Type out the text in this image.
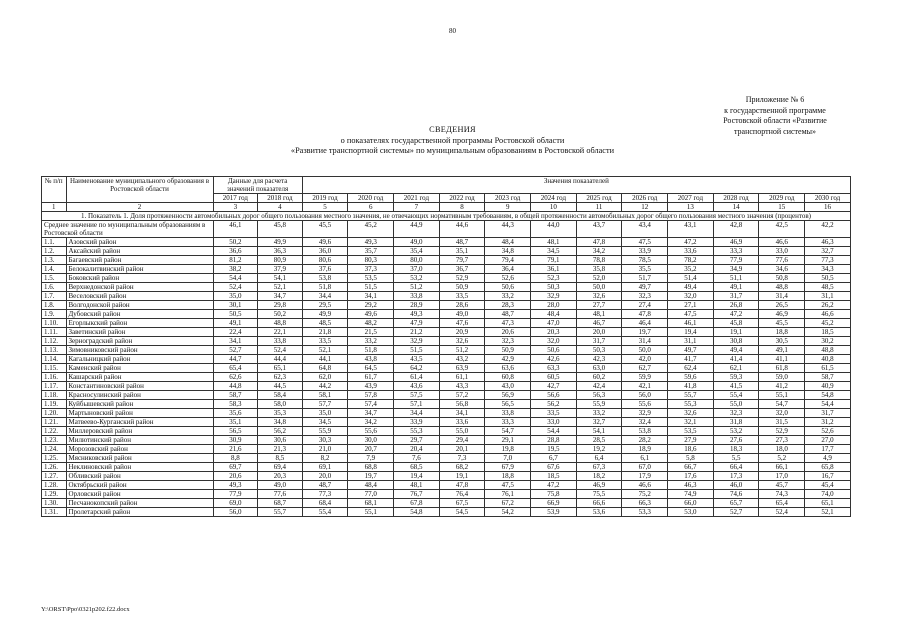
80
Приложение № 6
к государственной программе
Ростовской области «Развитие
транспортной системы»
СВЕДЕНИЯ
о показателях государственной программы Ростовской области
«Развитие транспортной системы» по муниципальным образованиям в Ростовской области
№ п/п	Наименование муниципального образования в Ростовской области	Данные для расчета значений показателя		Значения показателей											
		2017 год	2018 год	2019 год	2020 год	2021 год	2022 год	2023 год	2024 год	2025 год	2026 год	2027 год	2028 год	2029 год	2030 год
1	2	3	4	5	6	7	8	9	10	11	12	13	14	15	16
1. Показатель 1. Доля протяженности автомобильных дорог общего пользования местного значения, не отвечающих нормативным требованиям, в общей протяженности автомобильных дорог общего пользования местного значения (процентов)															
Среднее значение по муниципальным образованиям в Ростовской области		46,1	45,8	45,5	45,2	44,9	44,6	44,3	44,0	43,7	43,4	43,1	42,8	42,5	42,2
1.1.	Азовский район	50,2	49,9	49,6	49,3	49,0	48,7	48,4	48,1	47,8	47,5	47,2	46,9	46,6	46,3
1.2.	Аксайский район	36,6	36,3	36,0	35,7	35,4	35,1	34,8	34,5	34,2	33,9	33,6	33,3	33,0	32,7
1.3.	Багаевский район	81,2	80,9	80,6	80,3	80,0	79,7	79,4	79,1	78,8	78,5	78,2	77,9	77,6	77,3
1.4.	Белокалитвинский район	38,2	37,9	37,6	37,3	37,0	36,7	36,4	36,1	35,8	35,5	35,2	34,9	34,6	34,3
1.5.	Боковский район	54,4	54,1	53,8	53,5	53,2	52,9	52,6	52,3	52,0	51,7	51,4	51,1	50,8	50,5
1.6.	Верхнедонской район	52,4	52,1	51,8	51,5	51,2	50,9	50,6	50,3	50,0	49,7	49,4	49,1	48,8	48,5
1.7.	Веселовский район	35,0	34,7	34,4	34,1	33,8	33,5	33,2	32,9	32,6	32,3	32,0	31,7	31,4	31,1
1.8.	Волгодонской район	30,1	29,8	29,5	29,2	28,9	28,6	28,3	28,0	27,7	27,4	27,1	26,8	26,5	26,2
1.9.	Дубовский район	50,5	50,2	49,9	49,6	49,3	49,0	48,7	48,4	48,1	47,8	47,5	47,2	46,9	46,6
1.10.	Егорлыкский район	49,1	48,8	48,5	48,2	47,9	47,6	47,3	47,0	46,7	46,4	46,1	45,8	45,5	45,2
1.11.	Заветинский район	22,4	22,1	21,8	21,5	21,2	20,9	20,6	20,3	20,0	19,7	19,4	19,1	18,8	18,5
1.12.	Зерноградский район	34,1	33,8	33,5	33,2	32,9	32,6	32,3	32,0	31,7	31,4	31,1	30,8	30,5	30,2
1.13.	Зимовниковский район	52,7	52,4	52,1	51,8	51,5	51,2	50,9	50,6	50,3	50,0	49,7	49,4	49,1	48,8
1.14.	Кагальницкий район	44,7	44,4	44,1	43,8	43,5	43,2	42,9	42,6	42,3	42,0	41,7	41,4	41,1	40,8
1.15.	Каменский район	65,4	65,1	64,8	64,5	64,2	63,9	63,6	63,3	63,0	62,7	62,4	62,1	61,8	61,5
1.16.	Кашарский район	62,6	62,3	62,0	61,7	61,4	61,1	60,8	60,5	60,2	59,9	59,6	59,3	59,0	58,7
1.17.	Константиновский район	44,8	44,5	44,2	43,9	43,6	43,3	43,0	42,7	42,4	42,1	41,8	41,5	41,2	40,9
1.18.	Красносулинский район	58,7	58,4	58,1	57,8	57,5	57,2	56,9	56,6	56,3	56,0	55,7	55,4	55,1	54,8
1.19.	Куйбышевский район	58,3	58,0	57,7	57,4	57,1	56,8	56,5	56,2	55,9	55,6	55,3	55,0	54,7	54,4
1.20.	Мартыновский район	35,6	35,3	35,0	34,7	34,4	34,1	33,8	33,5	33,2	32,9	32,6	32,3	32,0	31,7
1.21.	Матвеево-Курганский район	35,1	34,8	34,5	34,2	33,9	33,6	33,3	33,0	32,7	32,4	32,1	31,8	31,5	31,2
1.22.	Миллеровский район	56,5	56,2	55,9	55,6	55,3	55,0	54,7	54,4	54,1	53,8	53,5	53,2	52,9	52,6
1.23.	Милютинский район	30,9	30,6	30,3	30,0	29,7	29,4	29,1	28,8	28,5	28,2	27,9	27,6	27,3	27,0
1.24.	Морозовский район	21,6	21,3	21,0	20,7	20,4	20,1	19,8	19,5	19,2	18,9	18,6	18,3	18,0	17,7
1.25.	Мясниковский район	8,8	8,5	8,2	7,9	7,6	7,3	7,0	6,7	6,4	6,1	5,8	5,5	5,2	4,9
1.26.	Неклиновский район	69,7	69,4	69,1	68,8	68,5	68,2	67,9	67,6	67,3	67,0	66,7	66,4	66,1	65,8
1.27.	Обливский район	20,6	20,3	20,0	19,7	19,4	19,1	18,8	18,5	18,2	17,9	17,6	17,3	17,0	16,7
1.28.	Октябрьский район	49,3	49,0	48,7	48,4	48,1	47,8	47,5	47,2	46,9	46,6	46,3	46,0	45,7	45,4
1.29.	Орловский район	77,9	77,6	77,3	77,0	76,7	76,4	76,1	75,8	75,5	75,2	74,9	74,6	74,3	74,0
1.30.	Песчанокопский район	69,0	68,7	68,4	68,1	67,8	67,5	67,2	66,9	66,6	66,3	66,0	65,7	65,4	65,1
1.31.	Пролетарский район	56,0	55,7	55,4	55,1	54,8	54,5	54,2	53,9	53,6	53,3	53,0	52,7	52,4	52,1
Y:\ORST\Ppo\0321p202.f22.docx
